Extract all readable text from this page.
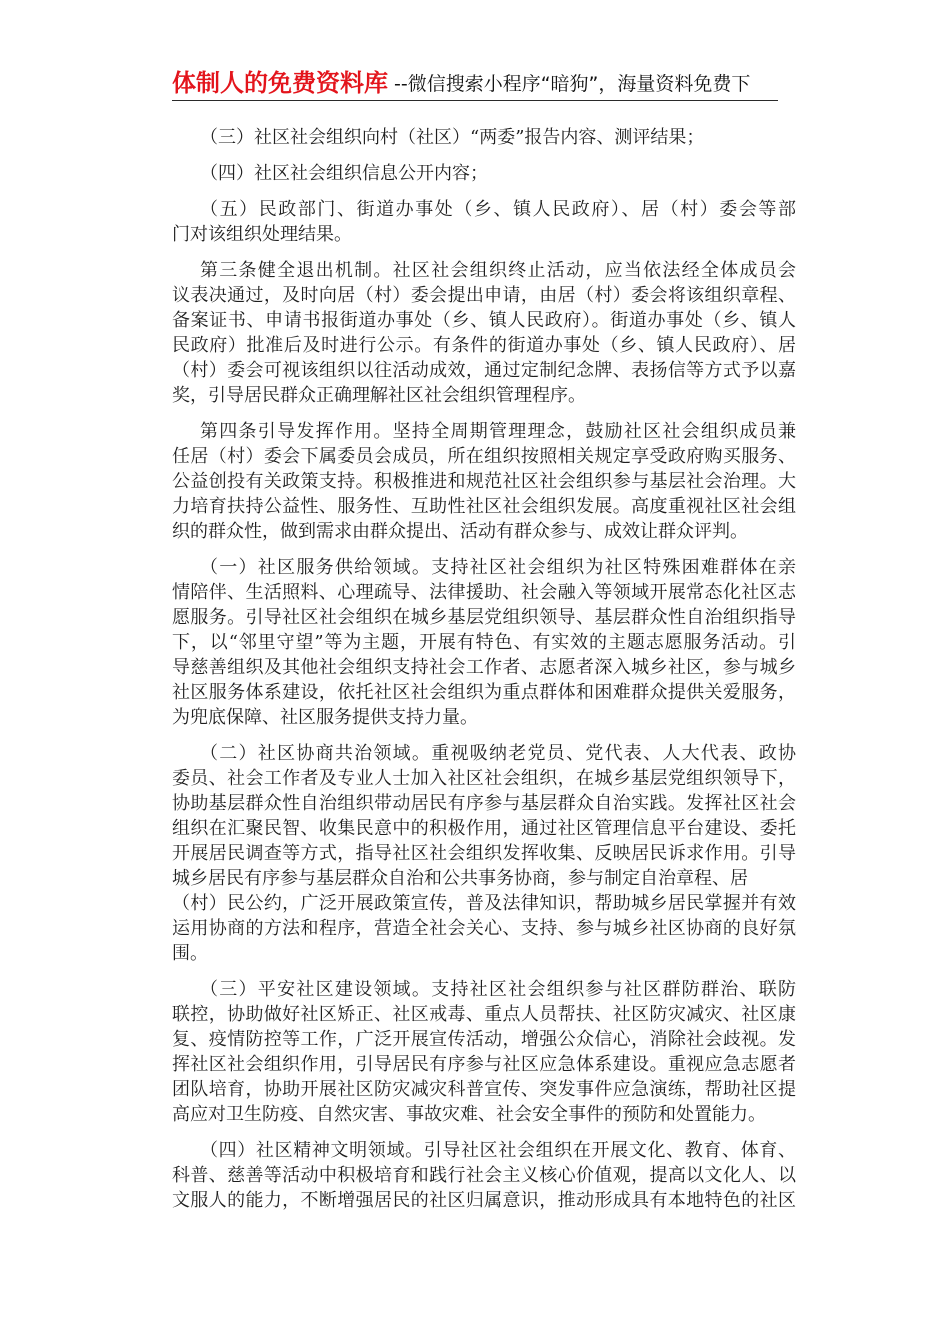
体制人的免费资料库 --微信搜索小程序“暗狗”，海量资料免费下
（三）社区社会组织向村（社区）“两委”报告内容、测评结果；
（四）社区社会组织信息公开内容；
（五）民政部门、街道办事处（乡、镇人民政府）、居（村）委会等部
门对该组织处理结果。
第三条健全退出机制。社区社会组织终止活动，应当依法经全体成员会
议表决通过，及时向居（村）委会提出申请，由居（村）委会将该组织章程、
备案证书、申请书报街道办事处（乡、镇人民政府）。街道办事处（乡、镇人
民政府）批准后及时进行公示。有条件的街道办事处（乡、镇人民政府）、居
（村）委会可视该组织以往活动成效，通过定制纪念牌、表扬信等方式予以嘉
奖，引导居民群众正确理解社区社会组织管理程序。
第四条引导发挥作用。坚持全周期管理理念，鼓励社区社会组织成员兼
任居（村）委会下属委员会成员，所在组织按照相关规定享受政府购买服务、
公益创投有关政策支持。积极推进和规范社区社会组织参与基层社会治理。大
力培育扶持公益性、服务性、互助性社区社会组织发展。高度重视社区社会组
织的群众性，做到需求由群众提出、活动有群众参与、成效让群众评判。
（一）社区服务供给领域。支持社区社会组织为社区特殊困难群体在亲
情陪伴、生活照料、心理疏导、法律援助、社会融入等领域开展常态化社区志
愿服务。引导社区社会组织在城乡基层党组织领导、基层群众性自治组织指导
下，以“邻里守望”等为主题，开展有特色、有实效的主题志愿服务活动。引
导慈善组织及其他社会组织支持社会工作者、志愿者深入城乡社区，参与城乡
社区服务体系建设，依托社区社会组织为重点群体和困难群众提供关爱服务，
为兜底保障、社区服务提供支持力量。
（二）社区协商共治领域。重视吸纳老党员、党代表、人大代表、政协
委员、社会工作者及专业人士加入社区社会组织，在城乡基层党组织领导下，
协助基层群众性自治组织带动居民有序参与基层群众自治实践。发挥社区社会
组织在汇聚民智、收集民意中的积极作用，通过社区管理信息平台建设、委托
开展居民调查等方式，指导社区社会组织发挥收集、反映居民诉求作用。引导
城乡居民有序参与基层群众自治和公共事务协商，参与制定自治章程、居
（村）民公约，广泛开展政策宣传，普及法律知识，帮助城乡居民掌握并有效
运用协商的方法和程序，营造全社会关心、支持、参与城乡社区协商的良好氛
围。
（三）平安社区建设领域。支持社区社会组织参与社区群防群治、联防
联控，协助做好社区矫正、社区戒毒、重点人员帮扶、社区防灾减灾、社区康
复、疫情防控等工作，广泛开展宣传活动，增强公众信心，消除社会歧视。发
挥社区社会组织作用，引导居民有序参与社区应急体系建设。重视应急志愿者
团队培育，协助开展社区防灾减灾科普宣传、突发事件应急演练，帮助社区提
高应对卫生防疫、自然灾害、事故灾难、社会安全事件的预防和处置能力。
（四）社区精神文明领域。引导社区社会组织在开展文化、教育、体育、
科普、慈善等活动中积极培育和践行社会主义核心价值观，提高以文化人、以
文服人的能力，不断增强居民的社区归属意识，推动形成具有本地特色的社区
